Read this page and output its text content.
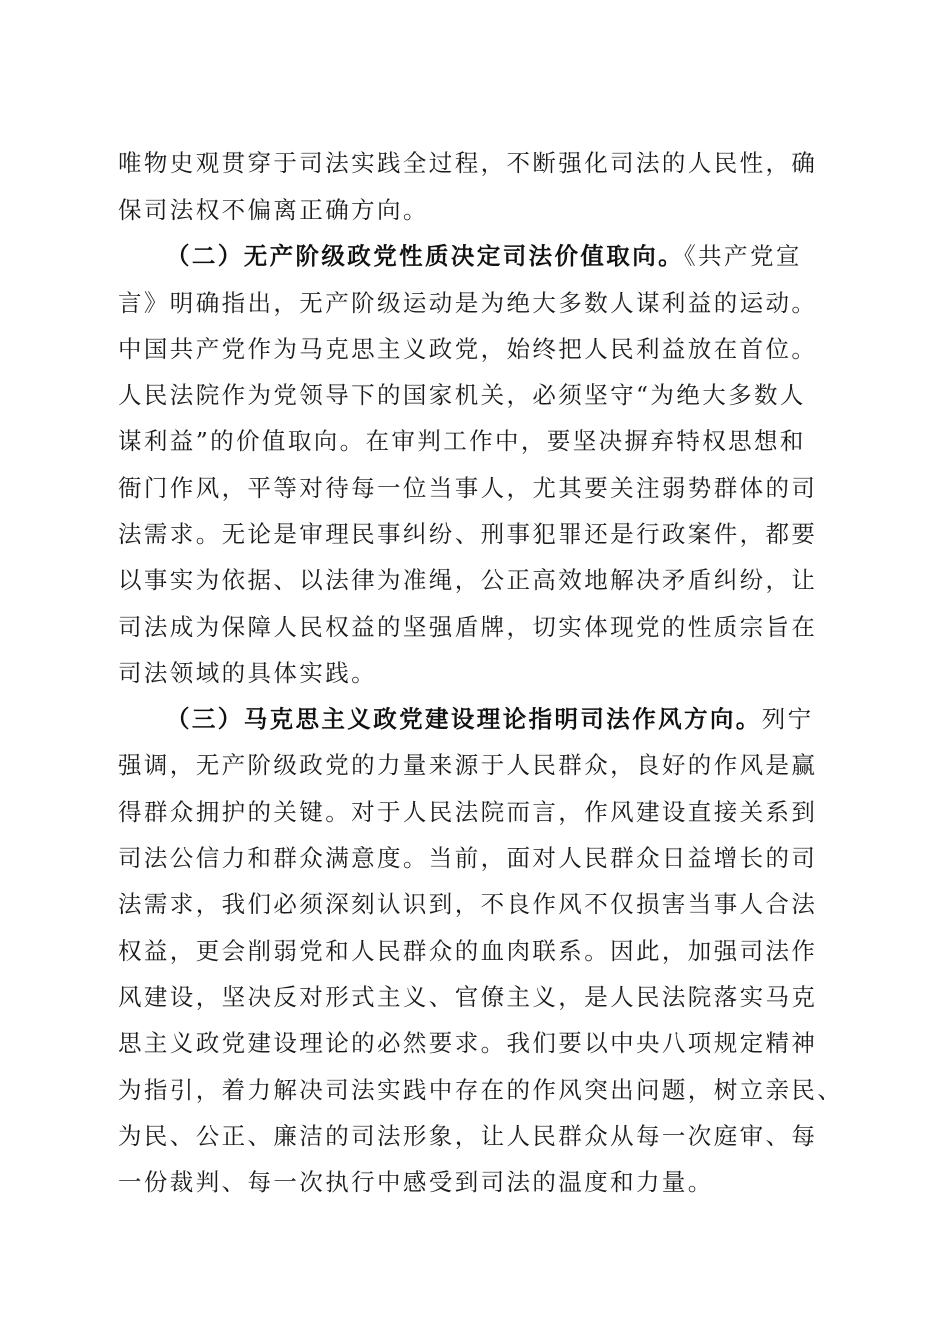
唯物史观贯穿于司法实践全过程，不断强化司法的人民性，确
保司法权不偏离正确方向。
（二）无产阶级政党性质决定司法价值取向。《共产党宣
言》明确指出，无产阶级运动是为绝大多数人谋利益的运动。
中国共产党作为马克思主义政党，始终把人民利益放在首位。
人民法院作为党领导下的国家机关，必须坚守“为绝大多数人
谋利益”的价值取向。在审判工作中，要坚决摒弃特权思想和
衙门作风，平等对待每一位当事人，尤其要关注弱势群体的司
法需求。无论是审理民事纠纷、刑事犯罪还是行政案件，都要
以事实为依据、以法律为准绳，公正高效地解决矛盾纠纷，让
司法成为保障人民权益的坚强盾牌，切实体现党的性质宗旨在
司法领域的具体实践。
（三）马克思主义政党建设理论指明司法作风方向。列宁
强调，无产阶级政党的力量来源于人民群众，良好的作风是赢
得群众拥护的关键。对于人民法院而言，作风建设直接关系到
司法公信力和群众满意度。当前，面对人民群众日益增长的司
法需求，我们必须深刻认识到，不良作风不仅损害当事人合法
权益，更会削弱党和人民群众的血肉联系。因此，加强司法作
风建设，坚决反对形式主义、官僚主义，是人民法院落实马克
思主义政党建设理论的必然要求。我们要以中央八项规定精神
为指引，着力解决司法实践中存在的作风突出问题，树立亲民、
为民、公正、廉洁的司法形象，让人民群众从每一次庭审、每
一份裁判、每一次执行中感受到司法的温度和力量。
